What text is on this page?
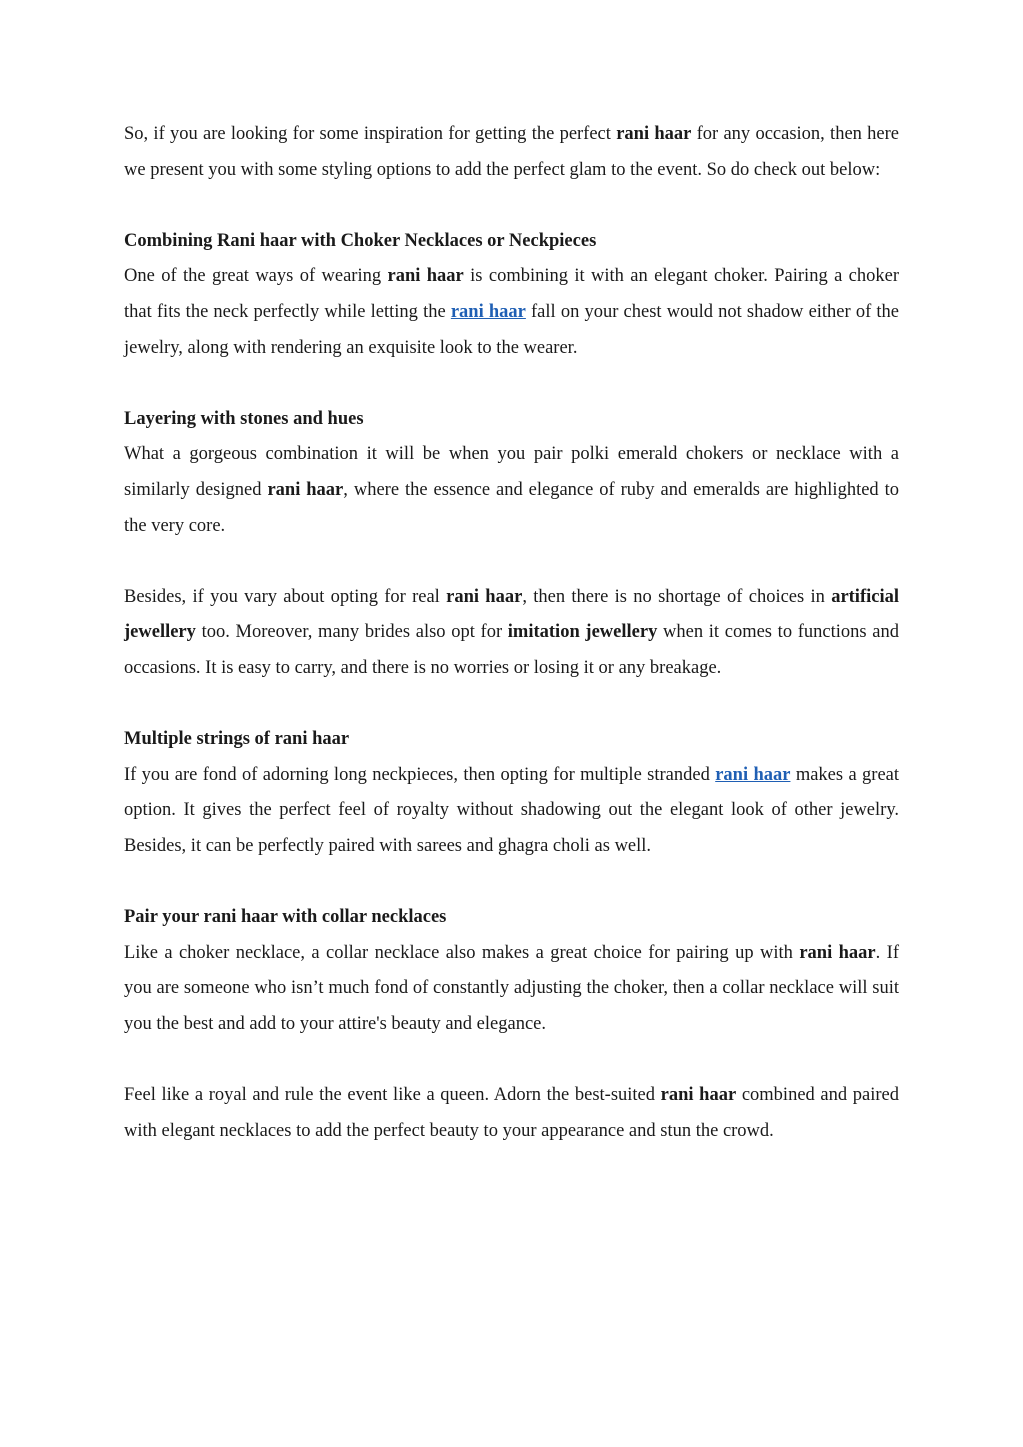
So, if you are looking for some inspiration for getting the perfect rani haar for any occasion, then here we present you with some styling options to add the perfect glam to the event. So do check out below:

Combining Rani haar with Choker Necklaces or Neckpieces

One of the great ways of wearing rani haar is combining it with an elegant choker. Pairing a choker that fits the neck perfectly while letting the rani haar fall on your chest would not shadow either of the jewelry, along with rendering an exquisite look to the wearer.

Layering with stones and hues

What a gorgeous combination it will be when you pair polki emerald chokers or necklace with a similarly designed rani haar, where the essence and elegance of ruby and emeralds are highlighted to the very core.

Besides, if you vary about opting for real rani haar, then there is no shortage of choices in artificial jewellery too. Moreover, many brides also opt for imitation jewellery when it comes to functions and occasions. It is easy to carry, and there is no worries or losing it or any breakage.

Multiple strings of rani haar

If you are fond of adorning long neckpieces, then opting for multiple stranded rani haar makes a great option. It gives the perfect feel of royalty without shadowing out the elegant look of other jewelry. Besides, it can be perfectly paired with sarees and ghagra choli as well.

Pair your rani haar with collar necklaces

Like a choker necklace, a collar necklace also makes a great choice for pairing up with rani haar. If you are someone who isn’t much fond of constantly adjusting the choker, then a collar necklace will suit you the best and add to your attire's beauty and elegance.

Feel like a royal and rule the event like a queen. Adorn the best-suited rani haar combined and paired with elegant necklaces to add the perfect beauty to your appearance and stun the crowd.
